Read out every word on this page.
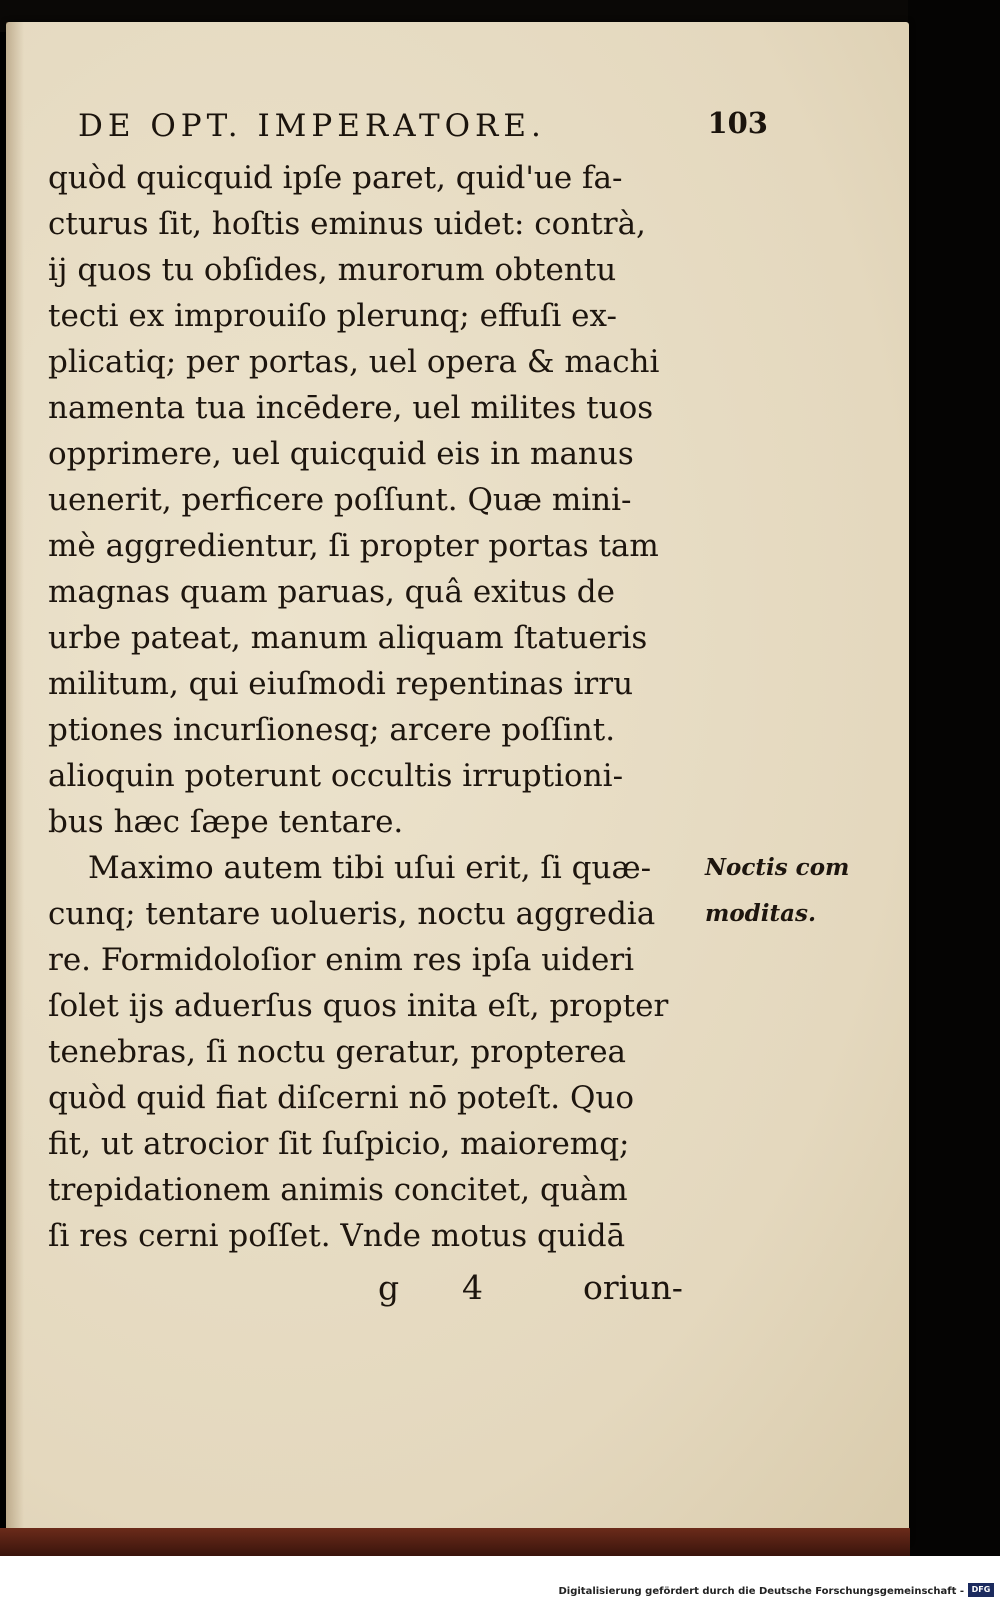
DE OPT. IMPERATORE.	103
quòd quicquid ipſe paret, quid'ue fa-
cturus ſit, hoſtis eminus uidet: contrà,
ij quos tu obſides, murorum obtentu
tecti ex improuiſo plerunq; effuſi ex-
plicatiq; per portas, uel opera & machi
namenta tua incēdere, uel milites tuos
opprimere, uel quicquid eis in manus
uenerit, perficere poſſunt. Quæ mini-
mè aggredientur, ſi propter portas tam
magnas quam paruas, quâ exitus de
urbe pateat, manum aliquam ſtatueris
militum, qui eiuſmodi repentinas irru
ptiones incurſionesq; arcere poſſint.
alioquin poterunt occultis irruptioni-
bus hæc ſæpe tentare.
Maximo autem tibi uſui erit, ſi quæ-
cunq; tentare uolueris, noctu aggredia
re. Formidoloſior enim res ipſa uideri
ſolet ijs aduerſus quos inita eſt, propter
tenebras, ſi noctu geratur, propterea
quòd quid fiat diſcerni nō poteſt. Quo
fit, ut atrocior ſit ſuſpicio, maioremq;
trepidationem animis concitet, quàm
ſi res cerni poſſet. Vnde motus quidā
Noctis com
moditas.
g 4	oriun-
Digitalisierung gefördert durch die Deutsche Forschungsgemeinschaft - DFG
